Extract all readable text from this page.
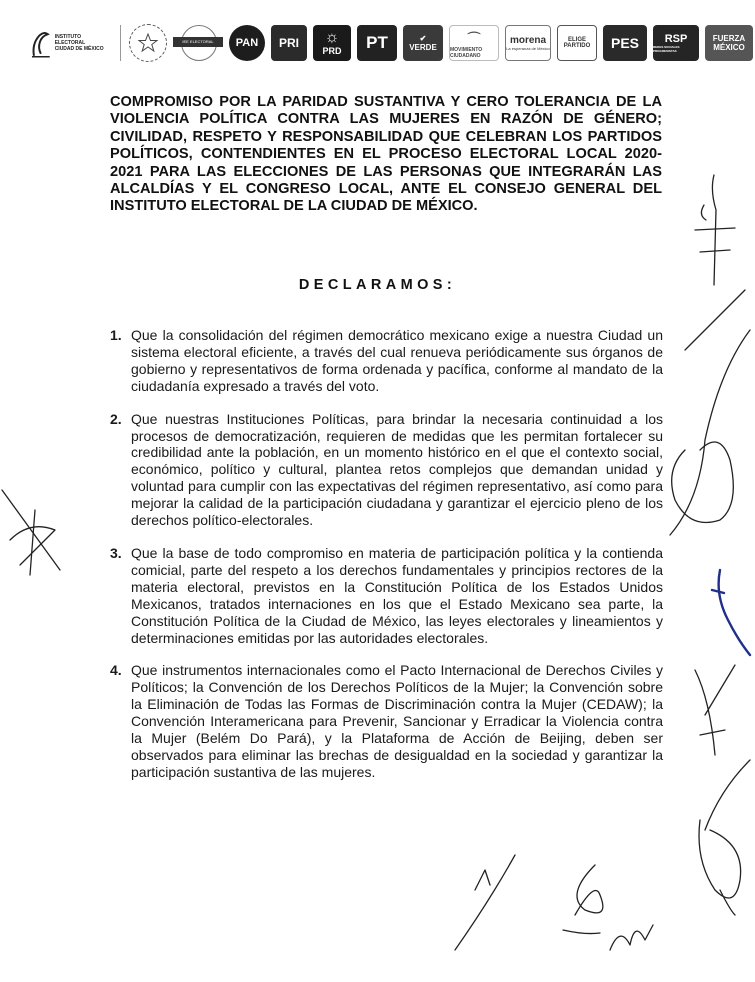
INSTITUTO ELECTORAL
CIUDAD DE MÉXICO
IEE ELECTORAL	PAN	PRI	☼
PRD	PT	✔
VERDE
⌒
MOVIMIENTO CIUDADANO
morena
La esperanza de México
ELIGE
PARTIDO	PES	RSP
REDES SOCIALES PROGRESISTAS
FUERZA
MÉXICO

COMPROMISO POR LA PARIDAD SUSTANTIVA Y CERO TOLERANCIA DE LA VIOLENCIA POLÍTICA CONTRA LAS MUJERES EN RAZÓN DE GÉNERO; CIVILIDAD, RESPETO Y RESPONSABILIDAD QUE CELEBRAN LOS PARTIDOS POLÍTICOS, CONTENDIENTES EN EL PROCESO ELECTORAL LOCAL 2020-2021 PARA LAS ELECCIONES DE LAS PERSONAS QUE INTEGRARÁN LAS ALCALDÍAS Y EL CONGRESO LOCAL, ANTE EL CONSEJO GENERAL DEL INSTITUTO ELECTORAL DE LA CIUDAD DE MÉXICO.

DECLARAMOS:

1. Que la consolidación del régimen democrático mexicano exige a nuestra Ciudad un sistema electoral eficiente, a través del cual renueva periódicamente sus órganos de gobierno y representativos de forma ordenada y pacífica, conforme al mandato de la ciudadanía expresado a través del voto.
2. Que nuestras Instituciones Políticas, para brindar la necesaria continuidad a los procesos de democratización, requieren de medidas que les permitan fortalecer su credibilidad ante la población, en un momento histórico en el que el contexto social, económico, político y cultural, plantea retos complejos que demandan unidad y voluntad para cumplir con las expectativas del régimen representativo, así como para mejorar la calidad de la participación ciudadana y garantizar el ejercicio pleno de los derechos político-electorales.
3. Que la base de todo compromiso en materia de participación política y la contienda comicial, parte del respeto a los derechos fundamentales y principios rectores de la materia electoral, previstos en la Constitución Política de los Estados Unidos Mexicanos, tratados internaciones en los que el Estado Mexicano sea parte, la Constitución Política de la Ciudad de México, las leyes electorales y lineamientos y determinaciones emitidas por las autoridades electorales.
4. Que instrumentos internacionales como el Pacto Internacional de Derechos Civiles y Políticos; la Convención de los Derechos Políticos de la Mujer; la Convención sobre la Eliminación de Todas las Formas de Discriminación contra la Mujer (CEDAW); la Convención Interamericana para Prevenir, Sancionar y Erradicar la Violencia contra la Mujer (Belém Do Pará), y la Plataforma de Acción de Beijing, deben ser observados para eliminar las brechas de desigualdad en la sociedad y garantizar la participación sustantiva de las mujeres.
